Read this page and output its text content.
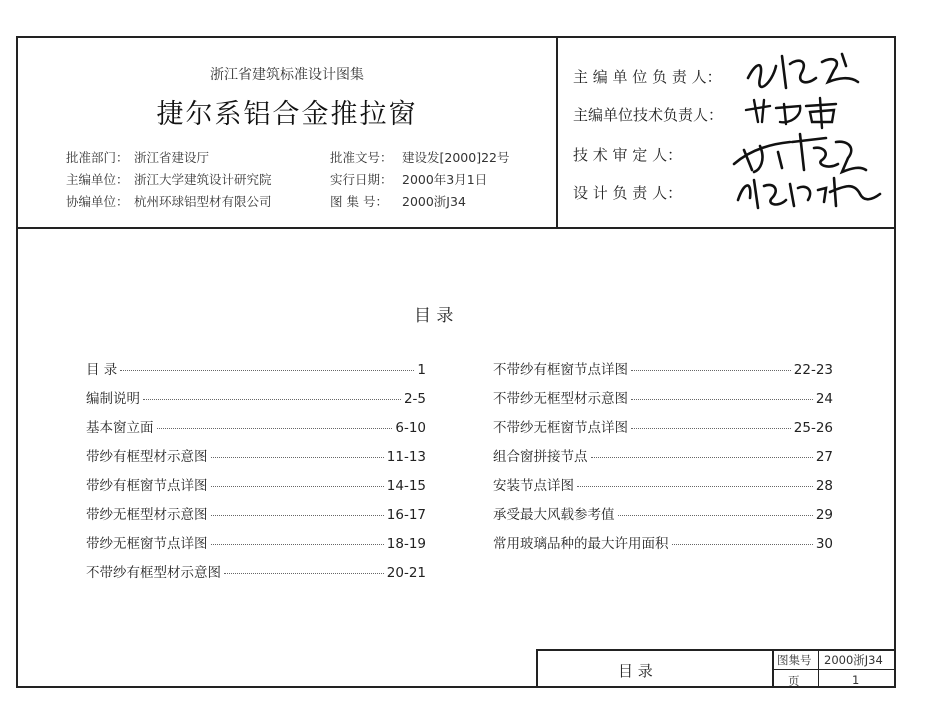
浙江省建筑标准设计图集
捷尔系铝合金推拉窗
批准部门： 浙江省建设厅	批准文号： 建设发[2000]22号
主编单位： 浙江大学建筑设计研究院	实行日期： 2000年3月1日
协编单位： 杭州环球铝型材有限公司	图 集 号： 2000浙J34
主 编 单 位 负 责 人：
主编单位技术负责人：
技 术 审 定 人：
设 计 负 责 人：
目 录
目 录	1
编制说明	2-5
基本窗立面	6-10
带纱有框型材示意图	11-13
带纱有框窗节点详图	14-15
带纱无框型材示意图	16-17
带纱无框窗节点详图	18-19
不带纱有框型材示意图	20-21
不带纱有框窗节点详图	22-23
不带纱无框型材示意图	24
不带纱无框窗节点详图	25-26
组合窗拼接节点	27
安装节点详图	28
承受最大风载参考值	29
常用玻璃品种的最大许用面积	30
目 录
图集号 2000浙J34
页	1
